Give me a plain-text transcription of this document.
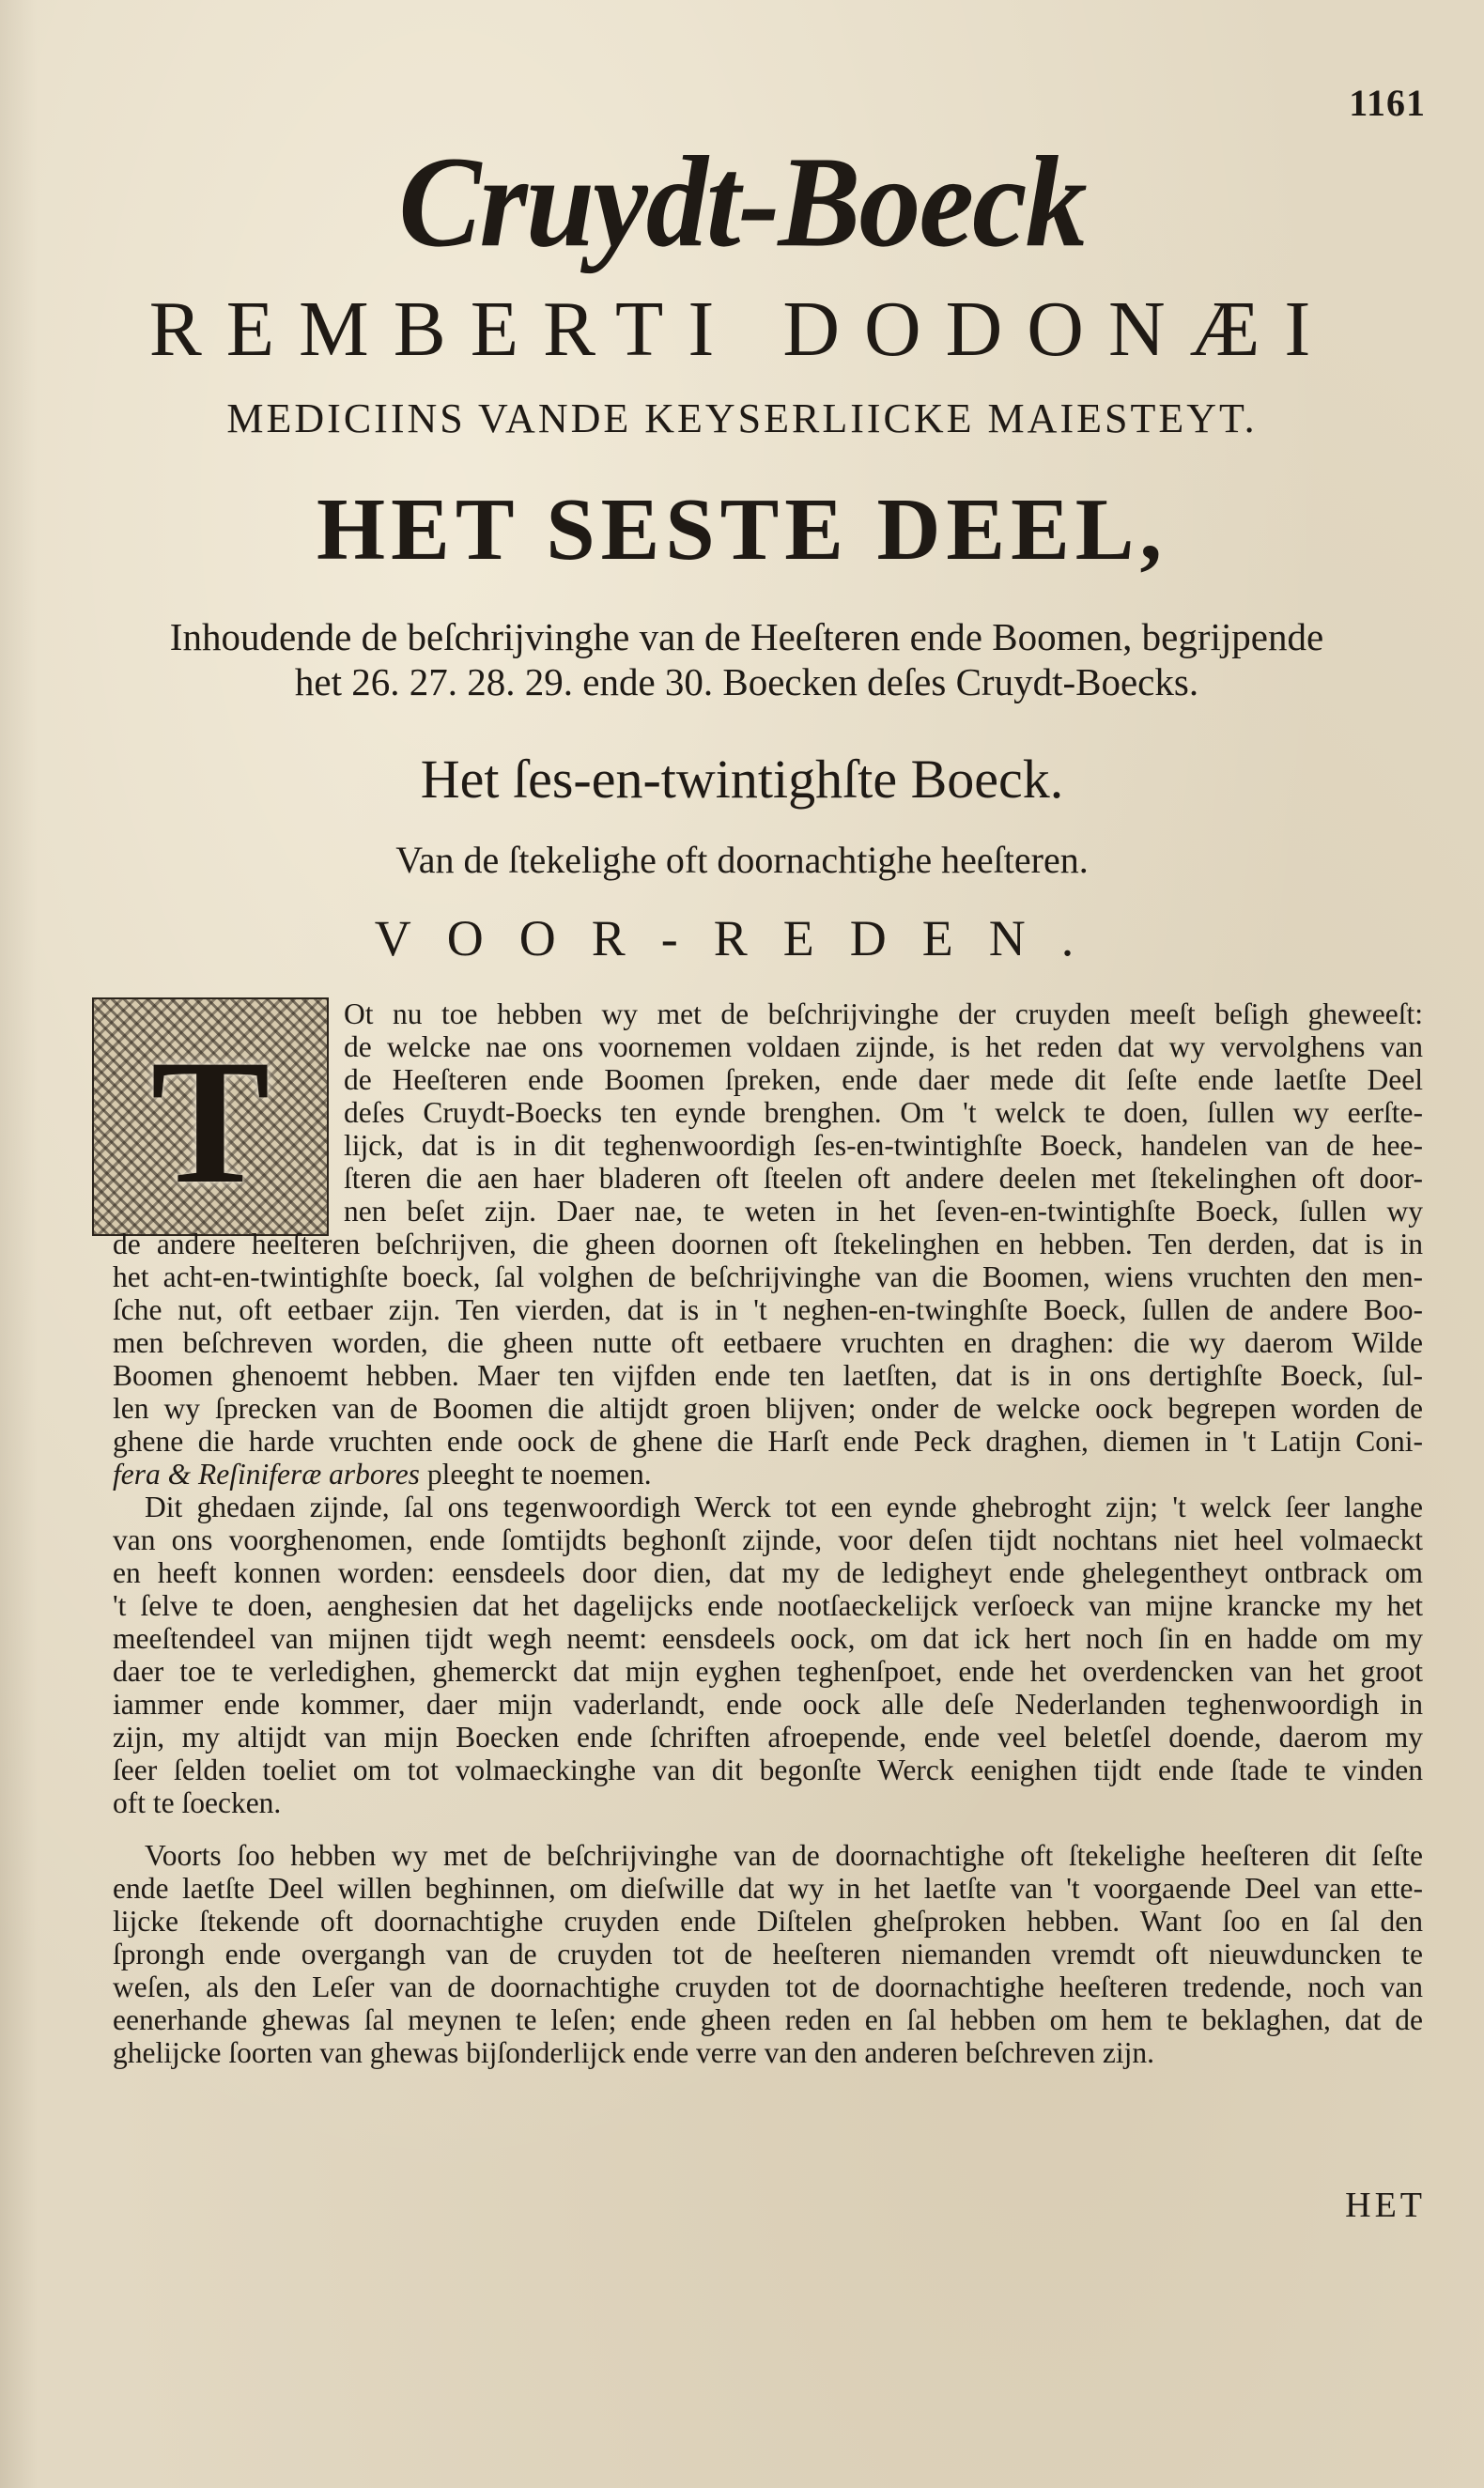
1161
Cruydt-Boeck
REMBERTI DODONÆI
MEDICIINS VANDE KEYSERLIICKE MAIESTEYT.
HET SESTE DEEL,
Inhoudende de beſchrijvinghe van de Heeſteren ende Boomen, begrijpende
het 26. 27. 28. 29. ende 30. Boecken deſes Cruydt-Boecks.
Het ſes-en-twintighſte Boeck.
Van de ſtekelighe oft doornachtighe heeſteren.
VOOR-REDEN.
T
Ot nu toe hebben wy met de beſchrijvinghe der cruyden meeſt beſigh gheweeſt:
de welcke nae ons voornemen voldaen zijnde, is het reden dat wy vervolghens van
de Heeſteren ende Boomen ſpreken, ende daer mede dit ſeſte ende laetſte Deel
deſes Cruydt-Boecks ten eynde brenghen. Om 't welck te doen, ſullen wy eerſte-
lijck, dat is in dit teghenwoordigh ſes-en-twintighſte Boeck, handelen van de hee-
ſteren die aen haer bladeren oft ſteelen oft andere deelen met ſtekelinghen oft door-
nen beſet zijn. Daer nae, te weten in het ſeven-en-twintighſte Boeck, ſullen wy
de andere heeſteren beſchrijven, die gheen doornen oft ſtekelinghen en hebben. Ten derden, dat is in
het acht-en-twintighſte boeck, ſal volghen de beſchrijvinghe van die Boomen, wiens vruchten den men-
ſche nut, oft eetbaer zijn. Ten vierden, dat is in 't neghen-en-twinghſte Boeck, ſullen de andere Boo-
men beſchreven worden, die gheen nutte oft eetbaere vruchten en draghen: die wy daerom Wilde
Boomen ghenoemt hebben. Maer ten vijfden ende ten laetſten, dat is in ons dertighſte Boeck, ſul-
len wy ſprecken van de Boomen die altijdt groen blijven; onder de welcke oock begrepen worden de
ghene die harde vruchten ende oock de ghene die Harſt ende Peck draghen, diemen in 't Latijn Coni-
fera & Reſiniferæ arbores pleeght te noemen.
Dit ghedaen zijnde, ſal ons tegenwoordigh Werck tot een eynde ghebroght zijn; 't welck ſeer langhe
van ons voorghenomen, ende ſomtijdts beghonſt zijnde, voor deſen tijdt nochtans niet heel volmaeckt
en heeft konnen worden: eensdeels door dien, dat my de ledigheyt ende ghelegentheyt ontbrack om
't ſelve te doen, aenghesien dat het dagelijcks ende nootſaeckelijck verſoeck van mijne krancke my het
meeſtendeel van mijnen tijdt wegh neemt: eensdeels oock, om dat ick hert noch ſin en hadde om my
daer toe te verledighen, ghemerckt dat mijn eyghen teghenſpoet, ende het overdencken van het groot
iammer ende kommer, daer mijn vaderlandt, ende oock alle deſe Nederlanden teghenwoordigh in
zijn, my altijdt van mijn Boecken ende ſchriften afroepende, ende veel beletſel doende, daerom my
ſeer ſelden toeliet om tot volmaeckinghe van dit begonſte Werck eenighen tijdt ende ſtade te vinden
oft te ſoecken.
Voorts ſoo hebben wy met de beſchrijvinghe van de doornachtighe oft ſtekelighe heeſteren dit ſeſte
ende laetſte Deel willen beghinnen, om dieſwille dat wy in het laetſte van 't voorgaende Deel van ette-
lijcke ſtekende oft doornachtighe cruyden ende Diſtelen gheſproken hebben. Want ſoo en ſal den
ſprongh ende overgangh van de cruyden tot de heeſteren niemanden vremdt oft nieuwduncken te
weſen, als den Leſer van de doornachtighe cruyden tot de doornachtighe heeſteren tredende, noch van
eenerhande ghewas ſal meynen te leſen; ende gheen reden en ſal hebben om hem te beklaghen, dat de
ghelijcke ſoorten van ghewas bijſonderlijck ende verre van den anderen beſchreven zijn.
HET
